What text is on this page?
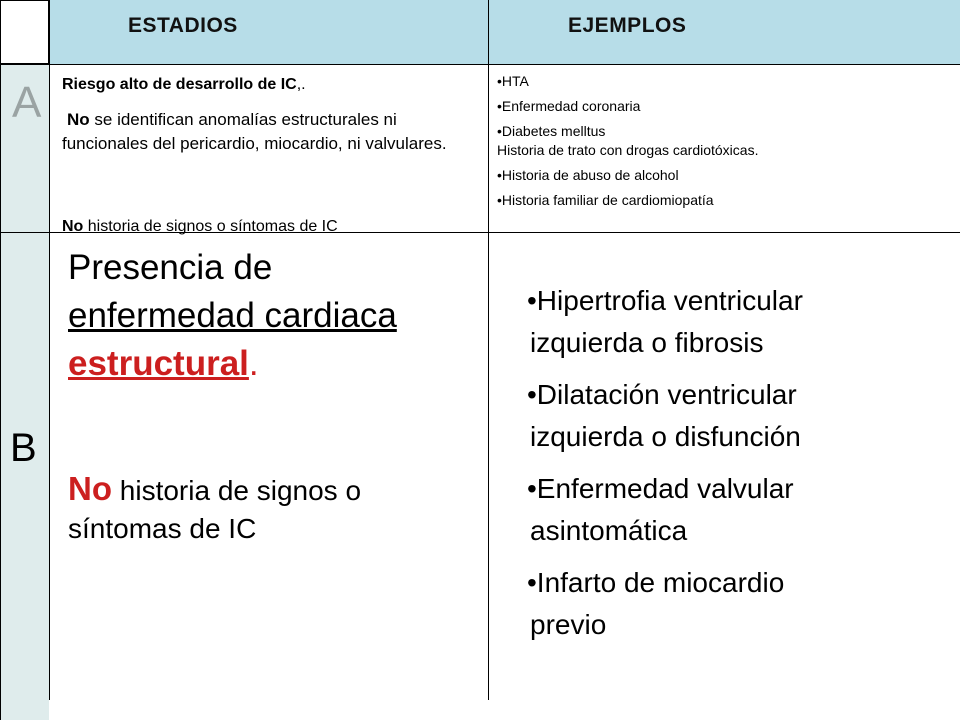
ESTADIOS	EJEMPLOS
A Riesgo alto de desarrollo de IC,.
No se identifican anomalías estructurales ni funcionales del pericardio, miocardio, ni valvulares.
No historia de signos o síntomas de IC
•HTA
•Enfermedad coronaria
•Diabetes melltus
Historia de trato con drogas cardiotóxicas.
•Historia de abuso de alcohol
•Historia familiar de cardiomiopatía
B
Presencia de
enfermedad cardiaca
estructural.
No historia de signos o
síntomas de IC
•Hipertrofia ventricular
izquierda o fibrosis
•Dilatación ventricular
izquierda o disfunción
•Enfermedad valvular
asintomática
•Infarto de miocardio
previo
